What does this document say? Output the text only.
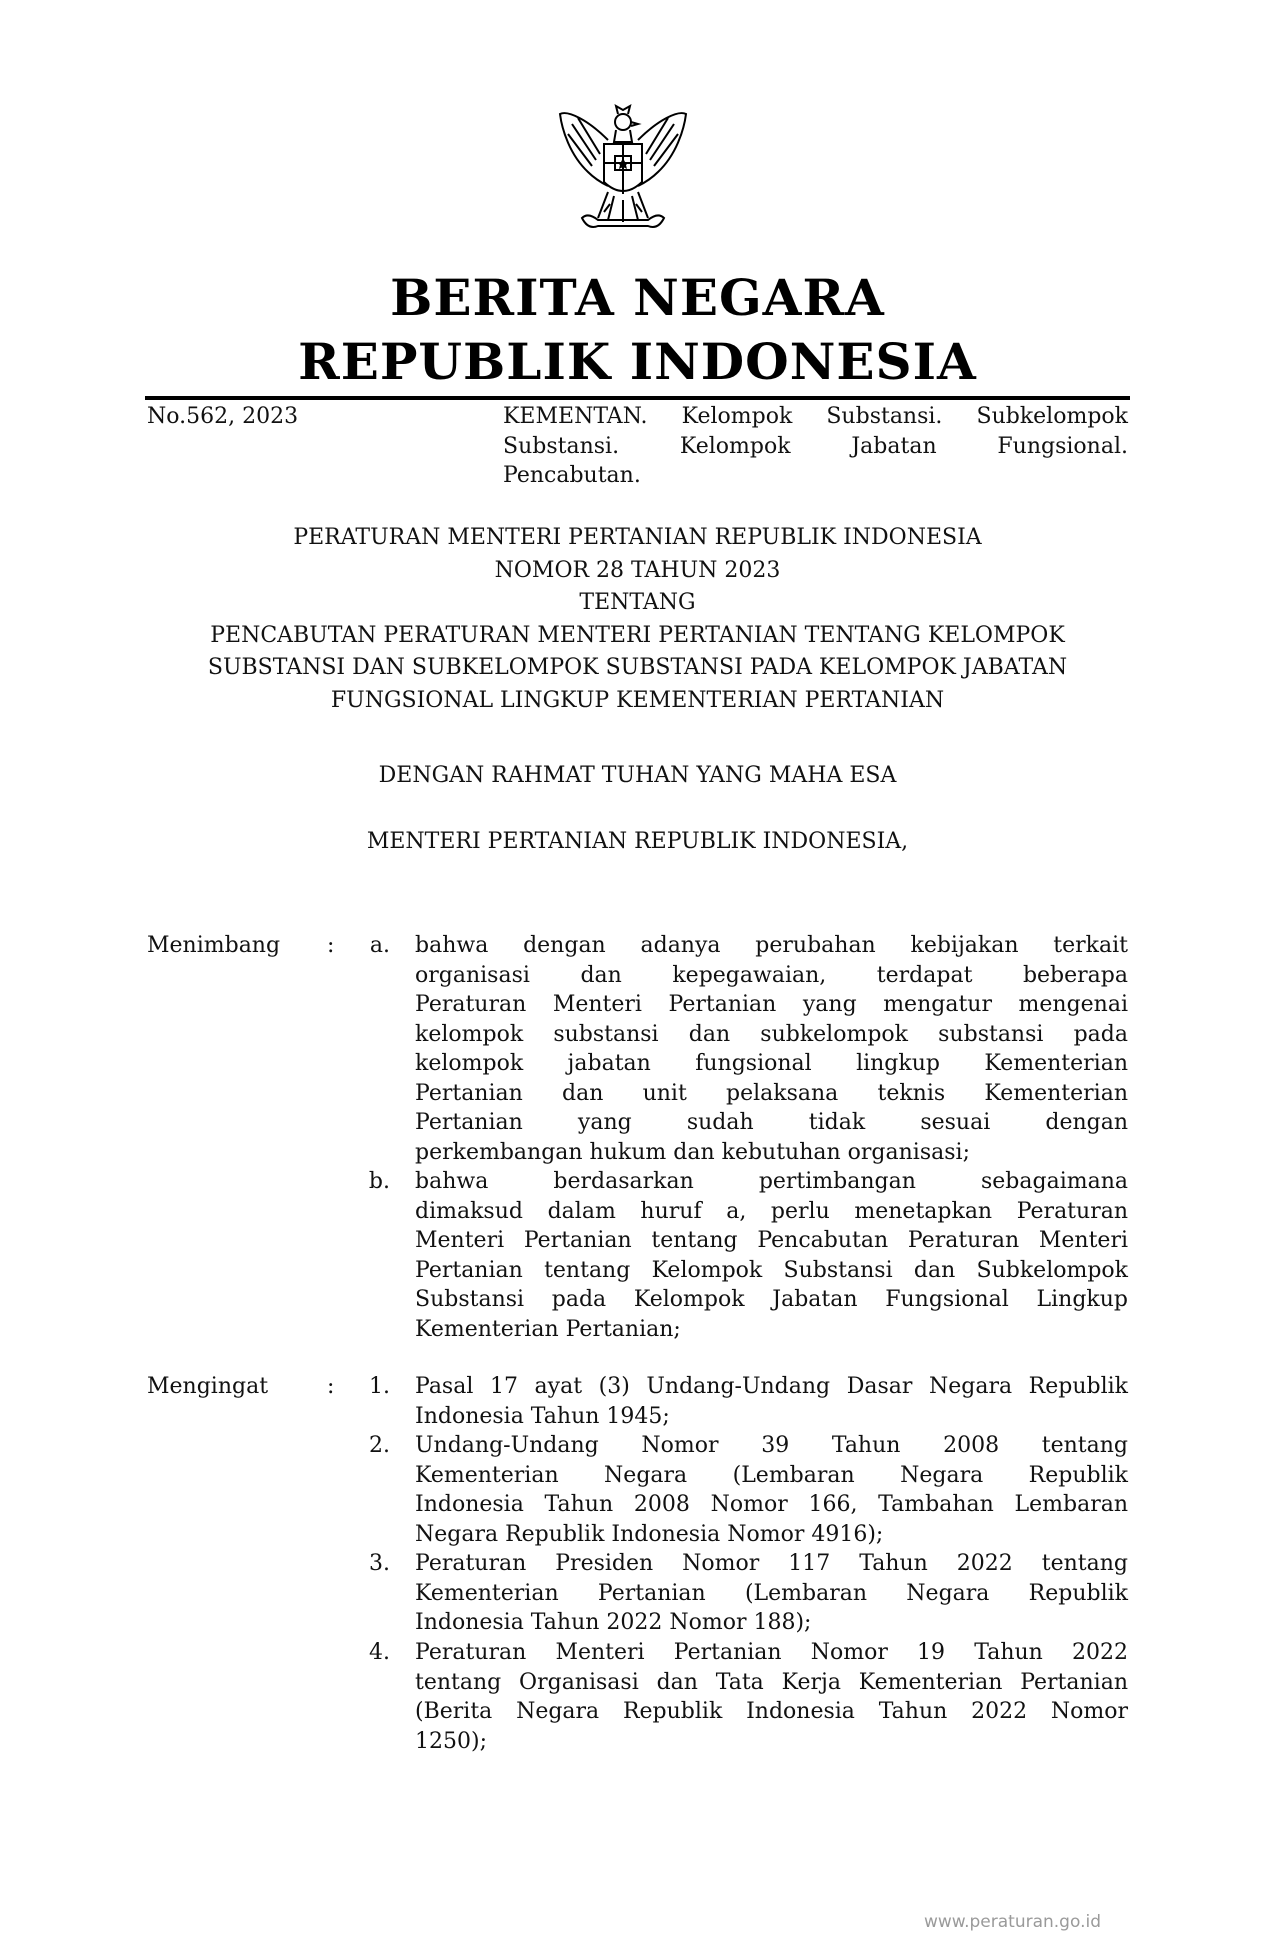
BERITA NEGARA
REPUBLIK INDONESIA
No.562, 2023	KEMENTAN. Kelompok Substansi. Subkelompok
Substansi. Kelompok Jabatan Fungsional.
Pencabutan.
PERATURAN MENTERI PERTANIAN REPUBLIK INDONESIA
NOMOR 28 TAHUN 2023
TENTANG
PENCABUTAN PERATURAN MENTERI PERTANIAN TENTANG KELOMPOK
SUBSTANSI DAN SUBKELOMPOK SUBSTANSI PADA KELOMPOK JABATAN
FUNGSIONAL LINGKUP KEMENTERIAN PERTANIAN
DENGAN RAHMAT TUHAN YANG MAHA ESA
MENTERI PERTANIAN REPUBLIK INDONESIA,
Menimbang :	a. bahwa dengan adanya perubahan kebijakan terkait
organisasi dan kepegawaian, terdapat beberapa
Peraturan Menteri Pertanian yang mengatur mengenai
kelompok substansi dan subkelompok substansi pada
kelompok jabatan fungsional lingkup Kementerian
Pertanian dan unit pelaksana teknis Kementerian
Pertanian yang sudah tidak sesuai dengan
perkembangan hukum dan kebutuhan organisasi;
b. bahwa berdasarkan pertimbangan sebagaimana
dimaksud dalam huruf a, perlu menetapkan Peraturan
Menteri Pertanian tentang Pencabutan Peraturan Menteri
Pertanian tentang Kelompok Substansi dan Subkelompok
Substansi pada Kelompok Jabatan Fungsional Lingkup
Kementerian Pertanian;
Mengingat	:	1. Pasal 17 ayat (3) Undang-Undang Dasar Negara Republik
Indonesia Tahun 1945;
2. Undang-Undang Nomor 39 Tahun 2008 tentang
Kementerian Negara (Lembaran Negara Republik
Indonesia Tahun 2008 Nomor 166, Tambahan Lembaran
Negara Republik Indonesia Nomor 4916);
3. Peraturan Presiden Nomor 117 Tahun 2022 tentang
Kementerian Pertanian (Lembaran Negara Republik
Indonesia Tahun 2022 Nomor 188);
4. Peraturan Menteri Pertanian Nomor 19 Tahun 2022
tentang Organisasi dan Tata Kerja Kementerian Pertanian
(Berita Negara Republik Indonesia Tahun 2022 Nomor
1250);
www.peraturan.go.id
